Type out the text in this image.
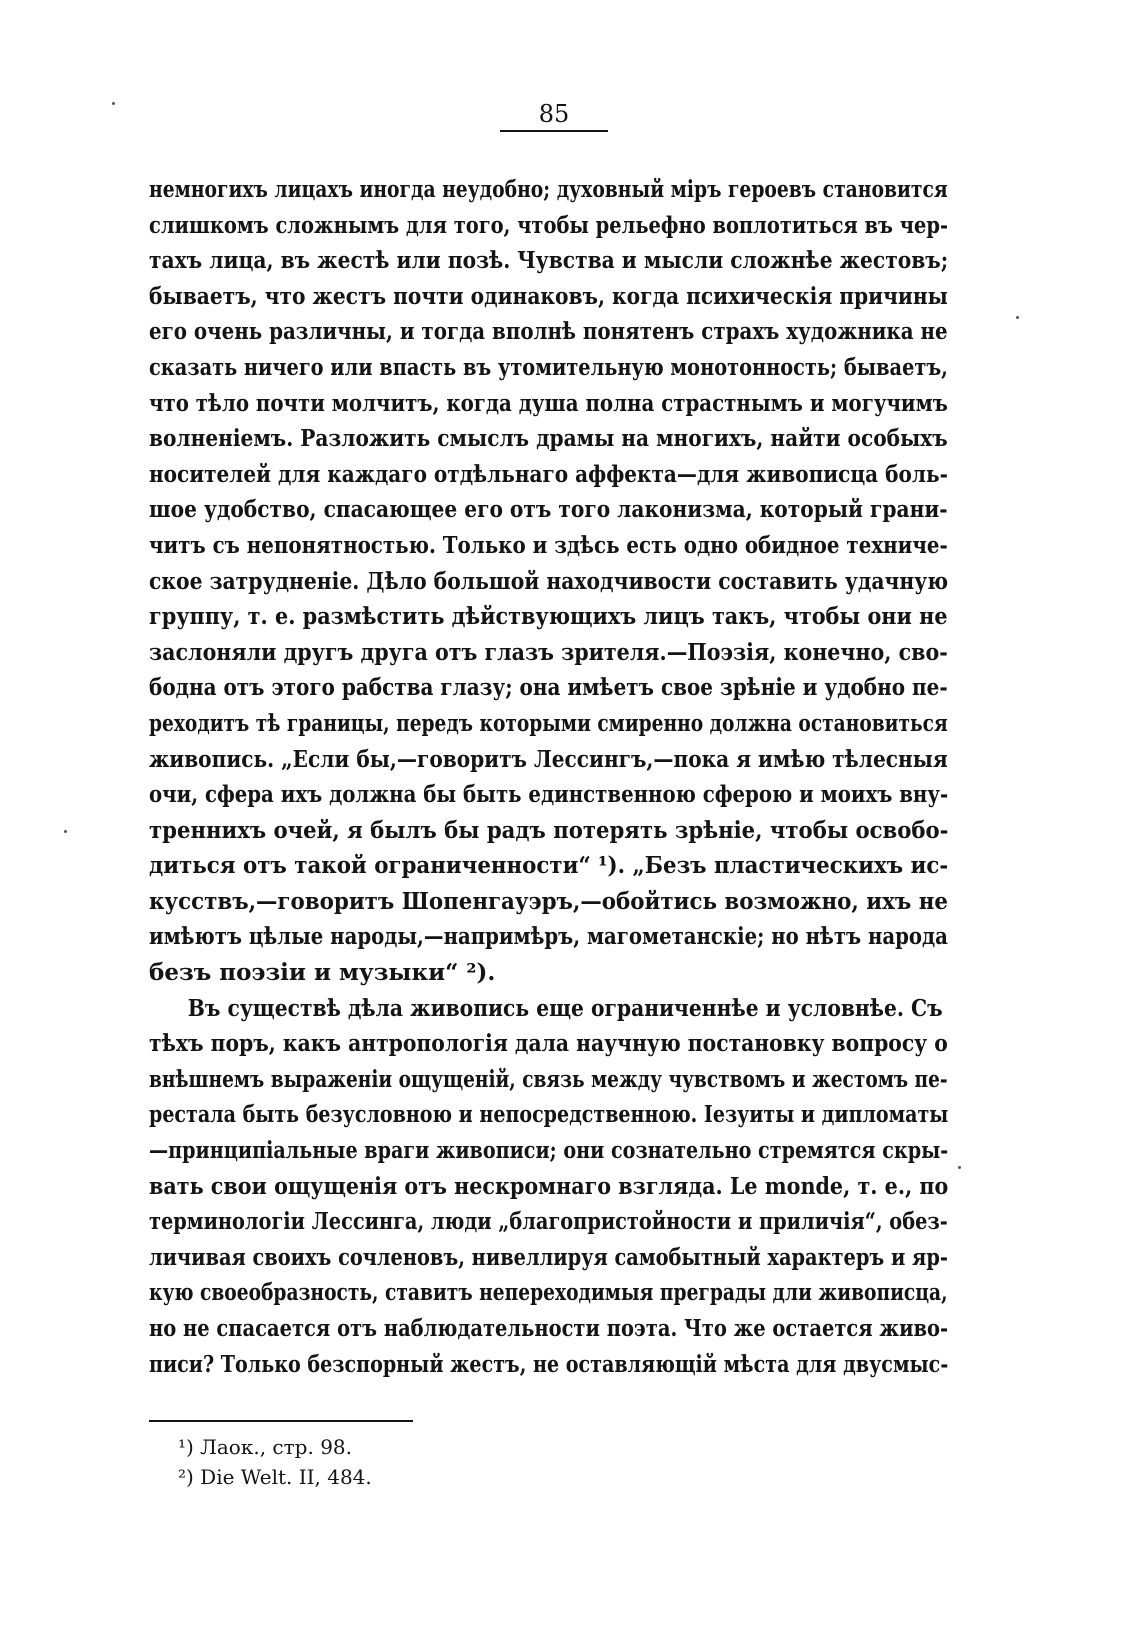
85
немногихъ лицахъ иногда неудобно; духовный міръ героевъ становится
слишкомъ сложнымъ для того, чтобы рельефно воплотиться въ чер-
тахъ лица, въ жестѣ или позѣ. Чувства и мысли сложнѣе жестовъ;
бываетъ, что жестъ почти одинаковъ, когда психическія причины
его очень различны, и тогда вполнѣ понятенъ страхъ художника не
сказать ничего или впасть въ утомительную монотонность; бываетъ,
что тѣло почти молчитъ, когда душа полна страстнымъ и могучимъ
волненіемъ. Разложить смыслъ драмы на многихъ, найти особыхъ
носителей для каждаго отдѣльнаго аффекта—для живописца боль-
шое удобство, спасающее его отъ того лаконизма, который грани-
читъ съ непонятностью. Только и здѣсь есть одно обидное техниче-
ское затрудненіе. Дѣло большой находчивости составить удачную
группу, т. е. размѣстить дѣйствующихъ лицъ такъ, чтобы они не
заслоняли другъ друга отъ глазъ зрителя.—Поэзія, конечно, сво-
бодна отъ этого рабства глазу; она имѣетъ свое зрѣніе и удобно пе-
реходитъ тѣ границы, передъ которыми смиренно должна остановиться
живопись. „Если бы,—говоритъ Лессингъ,—пока я имѣю тѣлесныя
очи, сфера ихъ должна бы быть единственною сферою и моихъ вну-
треннихъ очей, я былъ бы радъ потерять зрѣніе, чтобы освобо-
диться отъ такой ограниченности“ ¹). „Безъ пластическихъ ис-
кусствъ,—говоритъ Шопенгауэръ,—обойтись возможно, ихъ не
имѣютъ цѣлые народы,—напримѣръ, магометанскіе; но нѣтъ народа
безъ поэзіи и музыки“ ²).
Въ существѣ дѣла живопись еще ограниченнѣе и условнѣе. Съ
тѣхъ поръ, какъ антропологія дала научную постановку вопросу о
внѣшнемъ выраженіи ощущеній, связь между чувствомъ и жестомъ пе-
рестала быть безусловною и непосредственною. Іезуиты и дипломаты
—принципіальные враги живописи; они сознательно стремятся скры-
вать свои ощущенія отъ нескромнаго взгляда. Le monde, т. е., по
терминологіи Лессинга, люди „благопристойности и приличія“, обез-
личивая своихъ сочленовъ, нивеллируя самобытный характеръ и яр-
кую своеобразность, ставитъ непереходимыя преграды дли живописца,
но не спасается отъ наблюдательности поэта. Что же остается живо-
писи? Только безспорный жестъ, не оставляющій мѣста для двусмыс-
¹) Лаок., стр. 98.
²) Die Welt. II, 484.
